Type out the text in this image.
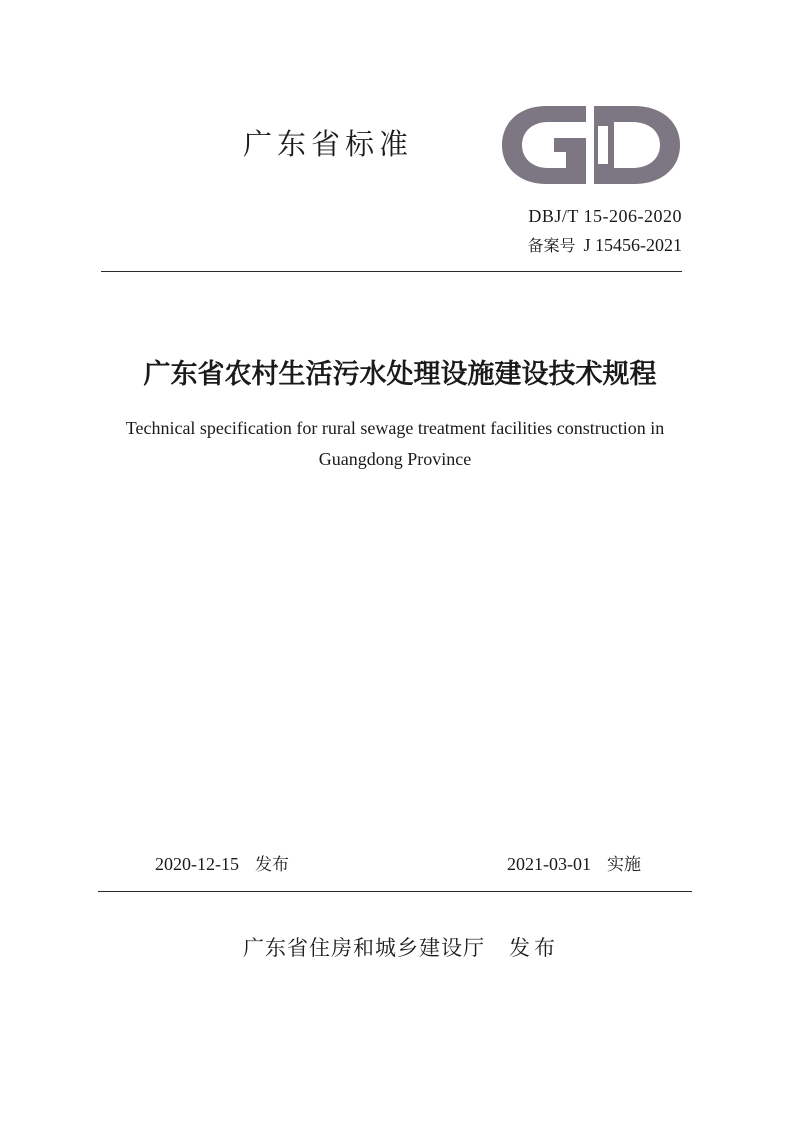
广东省标准
DBJ/T 15-206-2020
备案号 J 15456-2021
广东省农村生活污水处理设施建设技术规程
Technical specification for rural sewage treatment facilities construction in Guangdong Province
2020-12-15 发布	2021-03-01 实施
广东省住房和城乡建设厅 发布
